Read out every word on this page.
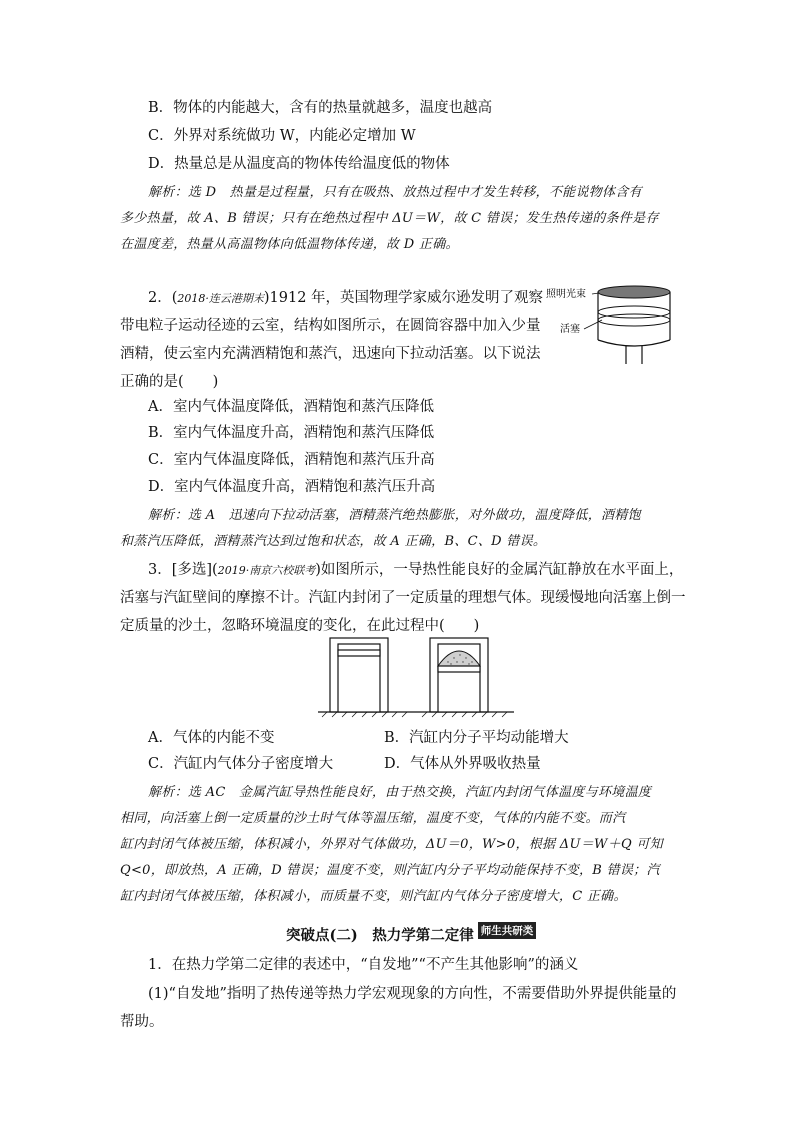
B．物体的内能越大，含有的热量就越多，温度也越高
C．外界对系统做功 W，内能必定增加 W
D．热量总是从温度高的物体传给温度低的物体
解析：选 D　热量是过程量，只有在吸热、放热过程中才发生转移，不能说物体含有
多少热量，故 A、B 错误；只有在绝热过程中 ΔU＝W，故 C 错误；发生热传递的条件是存
在温度差，热量从高温物体向低温物体传递，故 D 正确。
2．(2018·连云港期末)1912 年，英国物理学家威尔逊发明了观察
带电粒子运动径迹的云室，结构如图所示，在圆筒容器中加入少量
酒精，使云室内充满酒精饱和蒸汽，迅速向下拉动活塞。以下说法
正确的是(　　)
照明光束
活塞
A．室内气体温度降低，酒精饱和蒸汽压降低
B．室内气体温度升高，酒精饱和蒸汽压降低
C．室内气体温度降低，酒精饱和蒸汽压升高
D．室内气体温度升高，酒精饱和蒸汽压升高
解析：选 A　迅速向下拉动活塞，酒精蒸汽绝热膨胀，对外做功，温度降低，酒精饱
和蒸汽压降低，酒精蒸汽达到过饱和状态，故 A 正确，B、C、D 错误。
3．[多选](2019·南京六校联考)如图所示，一导热性能良好的金属汽缸静放在水平面上，
活塞与汽缸壁间的摩擦不计。汽缸内封闭了一定质量的理想气体。现缓慢地向活塞上倒一
定质量的沙土，忽略环境温度的变化，在此过程中(　　)
A．气体的内能不变	B．汽缸内分子平均动能增大
C．汽缸内气体分子密度增大	D．气体从外界吸收热量
解析：选 AC　金属汽缸导热性能良好，由于热交换，汽缸内封闭气体温度与环境温度
相同，向活塞上倒一定质量的沙土时气体等温压缩，温度不变，气体的内能不变。而汽
缸内封闭气体被压缩，体积减小，外界对气体做功，ΔU＝0，W>0，根据 ΔU＝W＋Q 可知
Q<0，即放热，A 正确，D 错误；温度不变，则汽缸内分子平均动能保持不变，B 错误；汽
缸内封闭气体被压缩，体积减小，而质量不变，则汽缸内气体分子密度增大，C 正确。
突破点(二)　热力学第二定律 师生共研类
1．在热力学第二定律的表述中，“自发地”“不产生其他影响”的涵义
(1)“自发地”指明了热传递等热力学宏观现象的方向性，不需要借助外界提供能量的
帮助。
